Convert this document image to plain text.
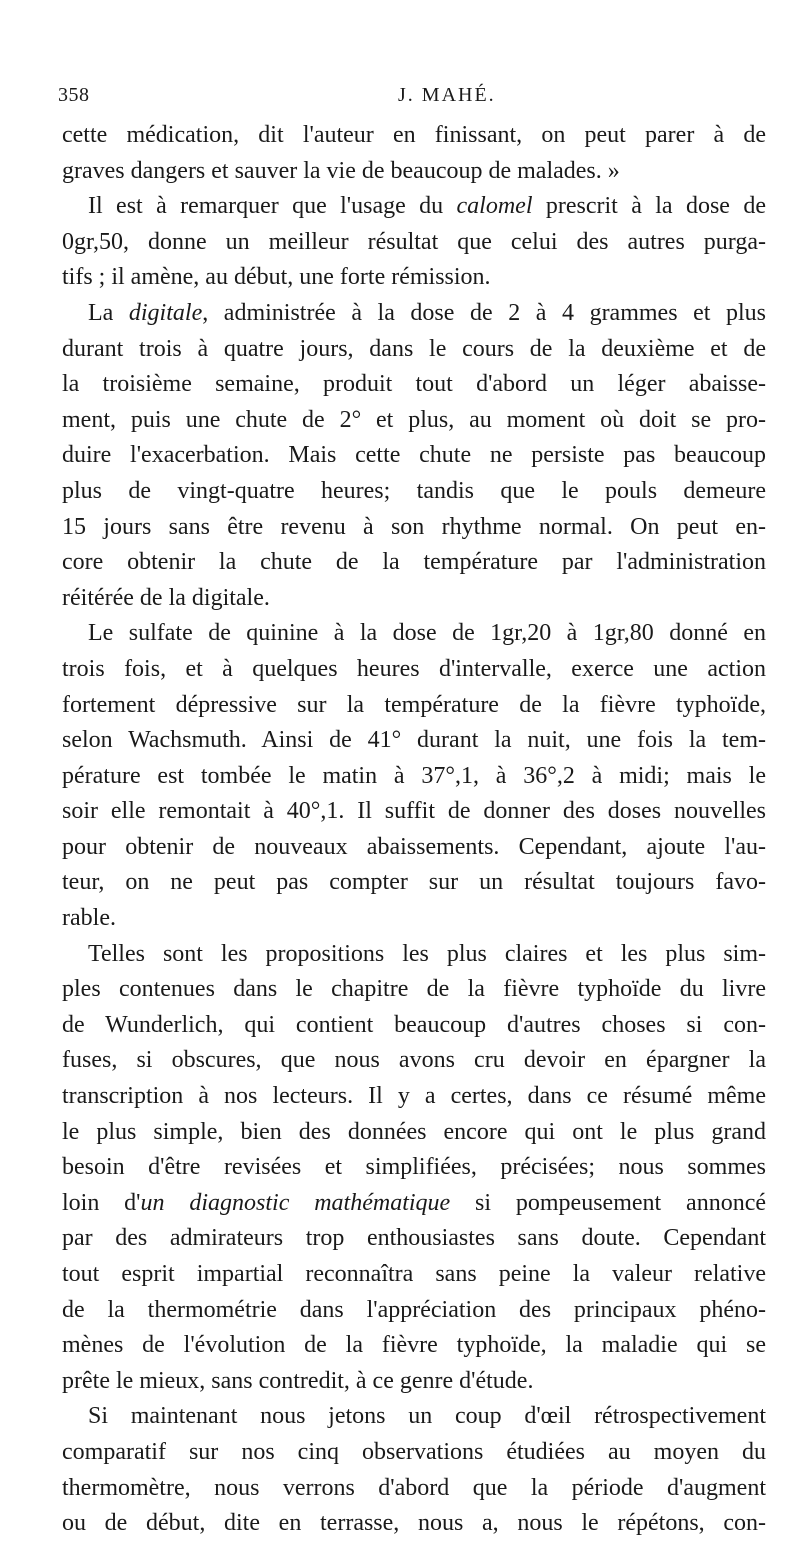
358	J. MAHÉ.
cette médication, dit l'auteur en finissant, on peut parer à de
graves dangers et sauver la vie de beaucoup de malades. »
Il est à remarquer que l'usage du calomel prescrit à la dose de
0gr,50, donne un meilleur résultat que celui des autres purga-
tifs ; il amène, au début, une forte rémission.
La digitale, administrée à la dose de 2 à 4 grammes et plus
durant trois à quatre jours, dans le cours de la deuxième et de
la troisième semaine, produit tout d'abord un léger abaisse-
ment, puis une chute de 2° et plus, au moment où doit se pro-
duire l'exacerbation. Mais cette chute ne persiste pas beaucoup
plus de vingt-quatre heures; tandis que le pouls demeure
15 jours sans être revenu à son rhythme normal. On peut en-
core obtenir la chute de la température par l'administration
réitérée de la digitale.
Le sulfate de quinine à la dose de 1gr,20 à 1gr,80 donné en
trois fois, et à quelques heures d'intervalle, exerce une action
fortement dépressive sur la température de la fièvre typhoïde,
selon Wachsmuth. Ainsi de 41° durant la nuit, une fois la tem-
pérature est tombée le matin à 37°,1, à 36°,2 à midi; mais le
soir elle remontait à 40°,1. Il suffit de donner des doses nouvelles
pour obtenir de nouveaux abaissements. Cependant, ajoute l'au-
teur, on ne peut pas compter sur un résultat toujours favo-
rable.
Telles sont les propositions les plus claires et les plus sim-
ples contenues dans le chapitre de la fièvre typhoïde du livre
de Wunderlich, qui contient beaucoup d'autres choses si con-
fuses, si obscures, que nous avons cru devoir en épargner la
transcription à nos lecteurs. Il y a certes, dans ce résumé même
le plus simple, bien des données encore qui ont le plus grand
besoin d'être revisées et simplifiées, précisées; nous sommes
loin d'un diagnostic mathématique si pompeusement annoncé
par des admirateurs trop enthousiastes sans doute. Cependant
tout esprit impartial reconnaîtra sans peine la valeur relative
de la thermométrie dans l'appréciation des principaux phéno-
mènes de l'évolution de la fièvre typhoïde, la maladie qui se
prête le mieux, sans contredit, à ce genre d'étude.
Si maintenant nous jetons un coup d'œil rétrospectivement
comparatif sur nos cinq observations étudiées au moyen du
thermomètre, nous verrons d'abord que la période d'augment
ou de début, dite en terrasse, nous a, nous le répétons, con-
